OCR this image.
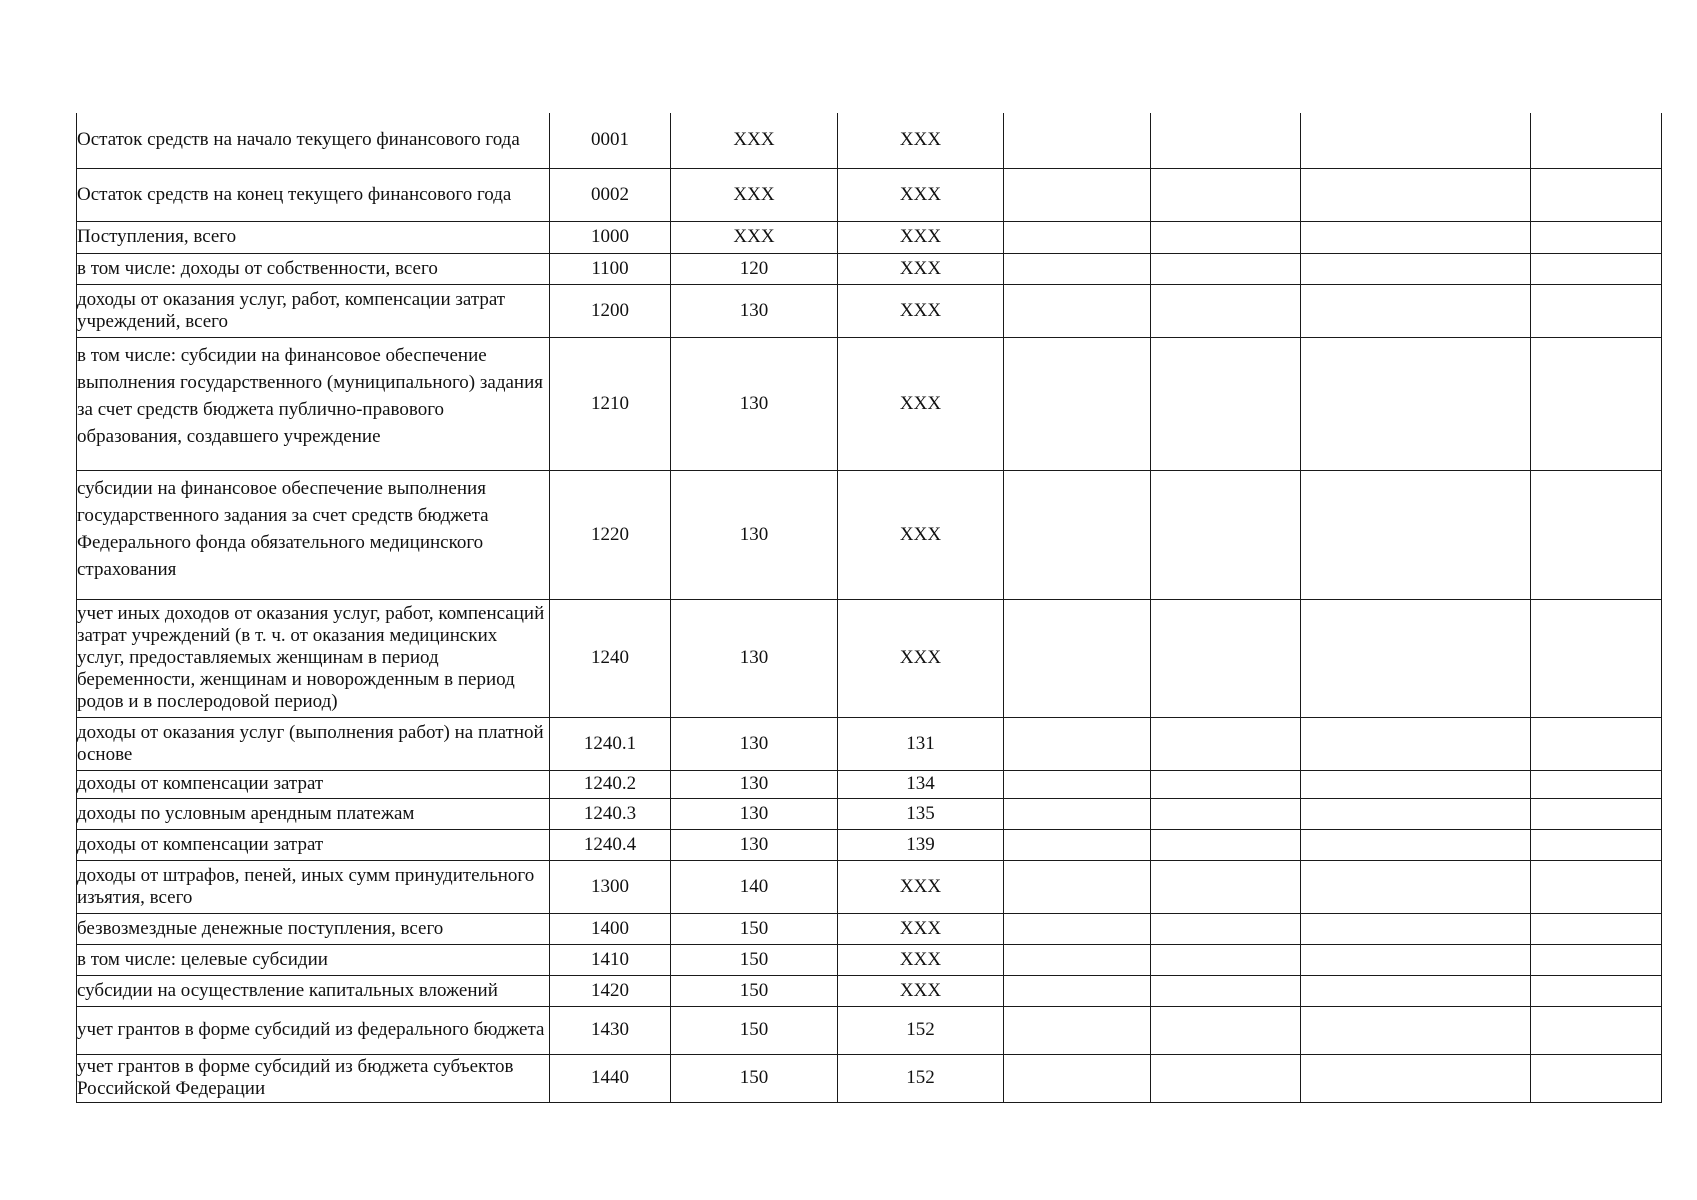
Остаток средств на начало текущего финансового года	0001	XXX	XXX				
Остаток средств на конец текущего финансового года	0002	XXX	XXX				
Поступления, всего	1000	XXX	XXX				
в том числе: доходы от собственности, всего	1100	120	XXX				
доходы от оказания услуг, работ, компенсации затрат учреждений, всего	1200	130	XXX				
в том числе: субсидии на финансовое обеспечение выполнения государственного (муниципального) задания за счет средств бюджета публично-правового образования, создавшего учреждение	1210	130	XXX				
субсидии на финансовое обеспечение выполнения государственного задания за счет средств бюджета Федерального фонда обязательного медицинского страхования	1220	130	XXX				
учет иных доходов от оказания услуг, работ, компенсаций затрат учреждений (в т. ч. от оказания медицинских услуг, предоставляемых женщинам в период беременности, женщинам и новорожденным в период родов и в послеродовой период)	1240	130	XXX				
доходы от оказания услуг (выполнения работ) на платной основе	1240.1	130	131				
доходы от компенсации затрат	1240.2	130	134				
доходы по условным арендным платежам	1240.3	130	135				
доходы от компенсации затрат	1240.4	130	139				
доходы от штрафов, пеней, иных сумм принудительного изъятия, всего	1300	140	XXX				
безвозмездные денежные поступления, всего	1400	150	XXX				
в том числе: целевые субсидии	1410	150	XXX				
субсидии на осуществление капитальных вложений	1420	150	XXX				
учет грантов в форме субсидий из федерального бюджета	1430	150	152				
учет грантов в форме субсидий из бюджета субъектов Российской Федерации	1440	150	152				
